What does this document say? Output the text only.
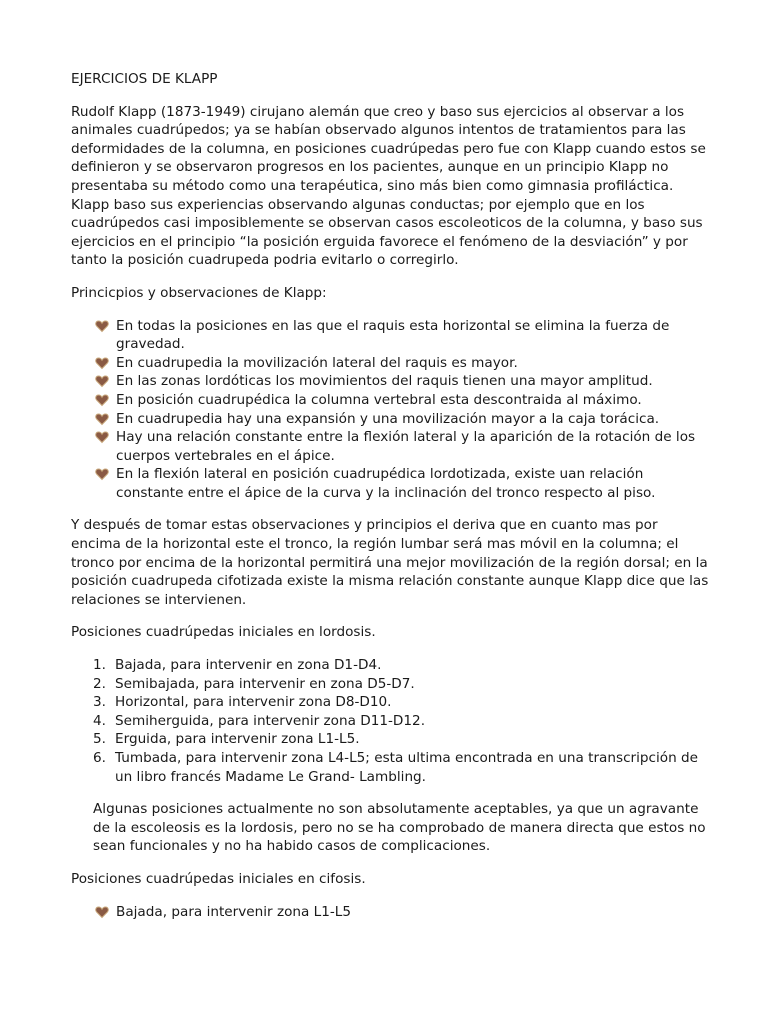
EJERCICIOS DE KLAPP

Rudolf Klapp (1873-1949) cirujano alemán que creo y baso sus ejercicios al observar a los animales cuadrúpedos; ya se habían observado algunos intentos de tratamientos para las deformidades de la columna, en posiciones cuadrúpedas pero fue con Klapp cuando estos se definieron y se observaron progresos en los pacientes, aunque en un principio Klapp no presentaba su método como una terapéutica, sino más bien como gimnasia profiláctica.
Klapp baso sus experiencias observando algunas conductas; por ejemplo que en los cuadrúpedos casi imposiblemente se observan casos escoleoticos de la columna, y baso sus ejercicios en el principio “la posición erguida favorece el fenómeno de la desviación” y por tanto la posición cuadrupeda podria evitarlo o corregirlo.

Princicpios y observaciones de Klapp:

En todas la posiciones en las que el raquis esta horizontal se elimina la fuerza de gravedad.
En cuadrupedia la movilización lateral del raquis es mayor.
En las zonas lordóticas los movimientos del raquis tienen una mayor amplitud.
En posición cuadrupédica la columna vertebral esta descontraida al máximo.
En cuadrupedia hay una expansión y una movilización mayor a la caja torácica.
Hay una relación constante entre la flexión lateral y la aparición de la rotación de los cuerpos vertebrales en el ápice.
En la flexión lateral en posición cuadrupédica lordotizada, existe uan relación constante entre el ápice de la curva y la inclinación del tronco respecto al piso.

Y después de tomar estas observaciones y principios el deriva que en cuanto mas por encima de la horizontal este el tronco, la región lumbar será mas móvil en la columna; el tronco por encima de la horizontal permitirá una mejor movilización de la región dorsal; en la posición cuadrupeda cifotizada existe la misma relación constante aunque Klapp dice que las relaciones se intervienen.

Posiciones cuadrúpedas iniciales en lordosis.

1. Bajada, para intervenir en zona D1-D4.
2. Semibajada, para intervenir en zona D5-D7.
3. Horizontal, para intervenir zona D8-D10.
4. Semiherguida, para intervenir zona D11-D12.
5. Erguida, para intervenir zona L1-L5.
6. Tumbada, para intervenir zona L4-L5; esta ultima encontrada en una transcripción de un libro francés Madame Le Grand- Lambling.

Algunas posiciones actualmente no son absolutamente aceptables, ya que un agravante de la escoleosis es la lordosis, pero no se ha comprobado de manera directa que estos no sean funcionales y no ha habido casos de complicaciones.

Posiciones cuadrúpedas iniciales en cifosis.

Bajada, para intervenir zona L1-L5
